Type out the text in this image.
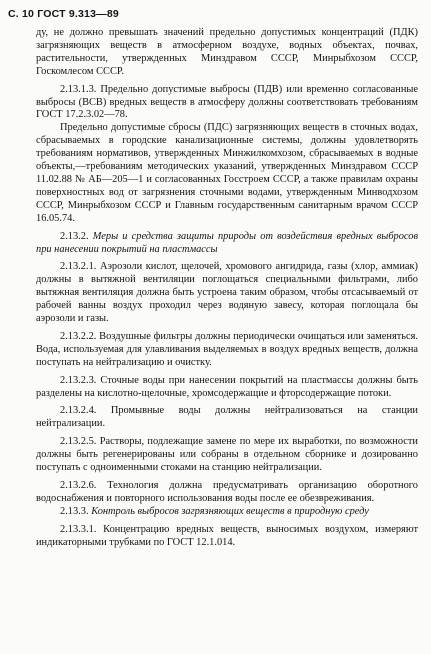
С. 10 ГОСТ 9.313—89

ду, не должно превышать значений предельно допустимых концентраций (ПДК) загрязняющих веществ в атмосферном воздухе, водных объектах, почвах, растительности, утвержденных Минздравом СССР, Минрыбхозом СССР, Госкомлесом СССР.

2.13.1.3. Предельно допустимые выбросы (ПДВ) или временно согласованные выбросы (ВСВ) вредных веществ в атмосферу должны соответствовать требованиям ГОСТ 17.2.3.02—78.

Предельно допустимые сбросы (ПДС) загрязняющих веществ в сточных водах, сбрасываемых в городские канализационные системы, должны удовлетворять требованиям нормативов, утвержденных Минжилкомхозом, сбрасываемых в водные объекты,—требованиям методических указаний, утвержденных Минздравом СССР 11.02.88 № АБ—205—1 и согласованных Госстроем СССР, а также правилам охраны поверхностных вод от загрязнения сточными водами, утвержденным Минводхозом СССР, Минрыбхозом СССР и Главным государственным санитарным врачом СССР 16.05.74.

2.13.2. Меры и средства защиты природы от воздействия вредных выбросов при нанесении покрытий на пластмассы

2.13.2.1. Аэрозоли кислот, щелочей, хромового ангидрида, газы (хлор, аммиак) должны в вытяжной вентиляции поглощаться специальными фильтрами, либо вытяжная вентиляция должна быть устроена таким образом, чтобы отсасываемый от рабочей ванны воздух проходил через водяную завесу, которая поглощала бы аэрозоли и газы.

2.13.2.2. Воздушные фильтры должны периодически очищаться или заменяться. Вода, используемая для улавливания выделяемых в воздух вредных веществ, должна поступать на нейтрализацию и очистку.

2.13.2.3. Сточные воды при нанесении покрытий на пластмассы должны быть разделены на кислотно-щелочные, хромсодержащие и фторсодержащие потоки.

2.13.2.4. Промывные воды должны нейтрализоваться на станции нейтрализации.

2.13.2.5. Растворы, подлежащие замене по мере их выработки, по возможности должны быть регенерированы или собраны в отдельном сборнике и дозированно поступать с одноименными стоками на станцию нейтрализации.

2.13.2.6. Технология должна предусматривать организацию оборотного водоснабжения и повторного использования воды после ее обезвреживания.

2.13.3. Контроль выбросов загрязняющих веществ в природную среду

2.13.3.1. Концентрацию вредных веществ, выносимых воздухом, измеряют индикаторными трубками по ГОСТ 12.1.014.
